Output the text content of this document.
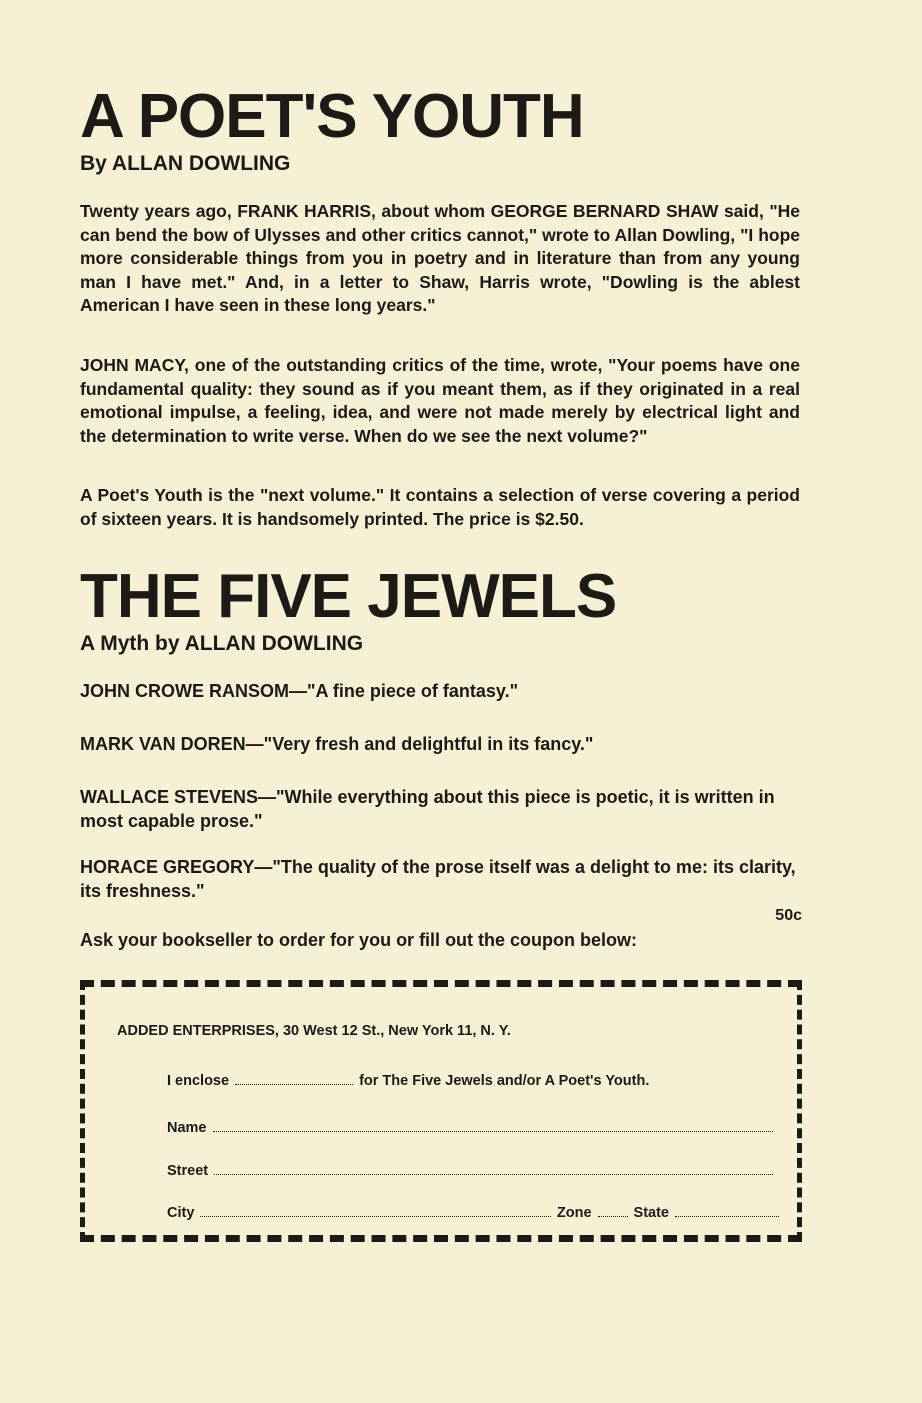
A POET'S YOUTH
By ALLAN DOWLING

Twenty years ago, FRANK HARRIS, about whom GEORGE BERNARD SHAW said, "He can bend the bow of Ulysses and other critics cannot," wrote to Allan Dowling, "I hope more considerable things from you in poetry and in literature than from any young man I have met." And, in a letter to Shaw, Harris wrote, "Dowling is the ablest American I have seen in these long years."

JOHN MACY, one of the outstanding critics of the time, wrote, "Your poems have one fundamental quality: they sound as if you meant them, as if they originated in a real emotional impulse, a feeling, idea, and were not made merely by electrical light and the determination to write verse. When do we see the next volume?"

A Poet's Youth is the "next volume." It contains a selection of verse covering a period of sixteen years. It is handsomely printed. The price is $2.50.

THE FIVE JEWELS
A Myth by ALLAN DOWLING

JOHN CROWE RANSOM—"A fine piece of fantasy."

MARK VAN DOREN—"Very fresh and delightful in its fancy."

WALLACE STEVENS—"While everything about this piece is poetic, it is written in most capable prose."

HORACE GREGORY—"The quality of the prose itself was a delight to me: its clarity, its freshness."

50c
Ask your bookseller to order for you or fill out the coupon below:
ADDED ENTERPRISES, 30 West 12 St., New York 11, N. Y.
I enclose	for The Five Jewels and/or A Poet's Youth.
Name
Street
City	Zone	State
